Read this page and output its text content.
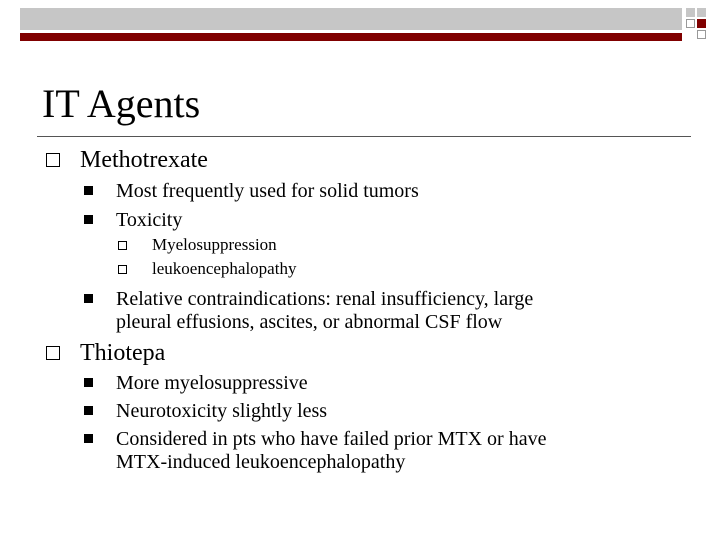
IT Agents
Methotrexate
Most frequently used for solid tumors
Toxicity
Myelosuppression
leukoencephalopathy
Relative contraindications: renal insufficiency, large
pleural effusions, ascites, or abnormal CSF flow
Thiotepa
More myelosuppressive
Neurotoxicity slightly less
Considered in pts who have failed prior MTX or have
MTX-induced leukoencephalopathy
